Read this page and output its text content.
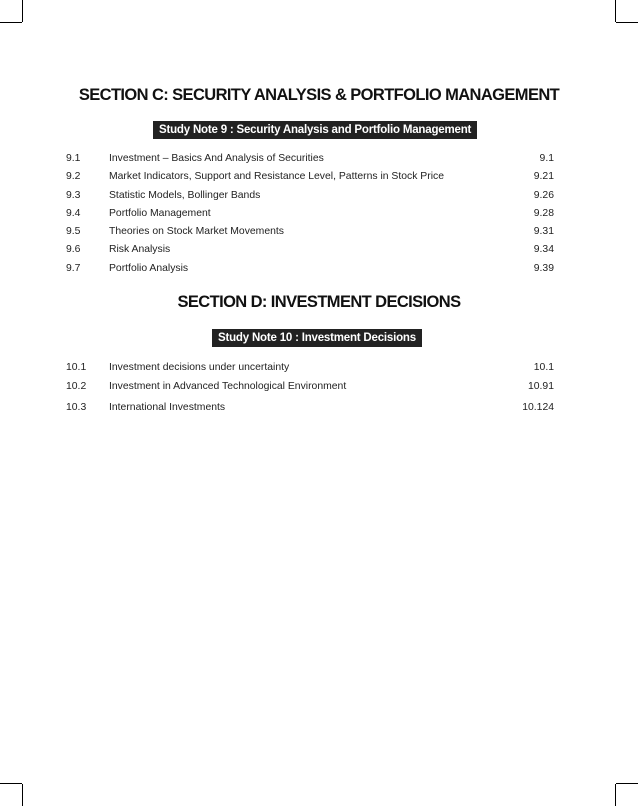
SECTION C: SECURITY ANALYSIS & PORTFOLIO MANAGEMENT
Study Note 9 : Security Analysis and Portfolio Management
9.1	Investment – Basics And Analysis of Securities	9.1
9.2	Market Indicators, Support and Resistance Level, Patterns in Stock Price	9.21
9.3	Statistic Models, Bollinger Bands	9.26
9.4	Portfolio Management	9.28
9.5	Theories on Stock Market Movements	9.31
9.6	Risk Analysis	9.34
9.7	Portfolio Analysis	9.39
SECTION D: INVESTMENT DECISIONS
Study Note 10 : Investment Decisions
10.1 Investment decisions under uncertainty	10.1
10.2 Investment in Advanced Technological Environment	10.91
10.3 International Investments	10.124
